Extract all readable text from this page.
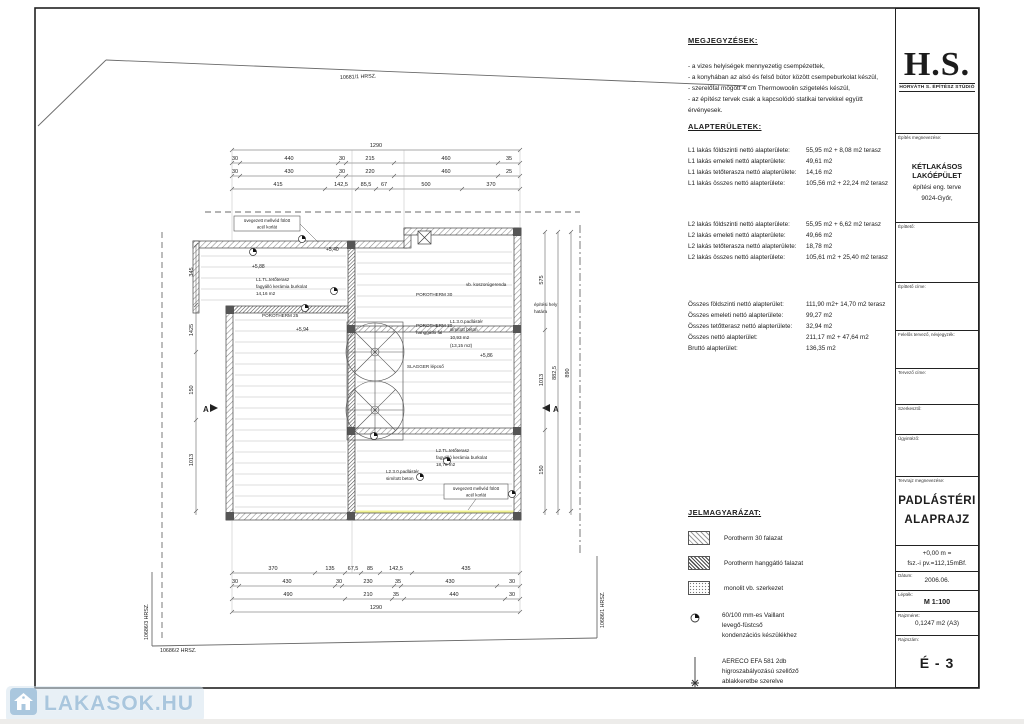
A	A
1290
30	440	30	215	460	35
30	430	30	220	460	25
415	142,5 85,5 67	500	370
370	135 67,5 85	142,5	435
30	430	30	230	35	430	30
490	210	35	440	30
1290
345
1425
150
1013
575
1013
150
882,5 890
üvegezett mellvéd fölött
acél korlát
üvegezett mellvéd fölött
acél korlát
L1.TL.tetőterasz
fagyálló kerámia burkolat
14,16 m2	POROTHERM 30
POROTHERM 30
hanggátló fal
POROTHERM 25
L1.3.0.padlástér
simított beton
10,93 m2
(13,15 m2)
SLAGGER lépcső
vb. koszorúgerenda
építési hely
határa
L2.TL.tetőterasz
fagyálló kerámia burkolat
18,78 m2
L2.3.0.padlástér
simított beton
+5,40
+5,88
+5,94
+5,86
10681/1 HRSZ.
10686/3 HRSZ.
10686/2 HRSZ.
10686/1 HRSZ.
MEGJEGYZÉSEK:
- a vizes helyiségek mennyezetig csempézettek,
- a konyhában az alsó és felső bútor között csempeburkolat készül,
- szerelőfal mögött 4 cm Thermowoolin szigetelés készül,
- az építész tervek csak a kapcsolódó statikai tervekkel együtt érvényesek.
ALAPTERÜLETEK:
L1 lakás földszinti nettó alapterülete:	55,95 m2 + 8,08 m2 terasz
L1 lakás emeleti nettó alapterülete:	49,61 m2
L1 lakás tetőterasza nettó alapterülete:	14,16 m2
L1 lakás összes nettó alapterülete:	105,56 m2 + 22,24 m2 terasz
L2 lakás földszinti nettó alapterülete:	55,95 m2 + 6,62 m2 terasz
L2 lakás emeleti nettó alapterülete:	49,66 m2
L2 lakás tetőterasza nettó alapterülete:	18,78 m2
L2 lakás összes nettó alapterülete:	105,61 m2 + 25,40 m2 terasz
Összes földszinti nettó alapterület:	111,90 m2+ 14,70 m2 terasz
Összes emeleti nettó alapterülete:	99,27 m2
Összes tetőtterasz nettó alapterülete:	32,94 m2
Összes nettó alapterület:	211,17 m2 + 47,64 m2
Bruttó alapterület:	136,35 m2
JELMAGYARÁZAT:
Porotherm 30 falazat
Porotherm hanggátló falazat
monolit vb. szerkezet
60/100 mm-es Vaillant
levegő-füstcső
kondenzációs készülékhez
AERECO EFA 581 2db
higroszabályozású szellőző
ablakkeretbe szerelve
H.S.
HORVÁTH S. ÉPÍTÉSZ STÚDIÓ
Építés megnevezése:
KÉTLAKÁSOS LAKÓÉPÜLET
építési eng. terve
9024-Győr,
Építtető:
Építtető címe:
Felelős tervező, névjegyzék:
Tervező címe:
Szerkesztő:
Ügyintéző:
Tervrajz megnevezése:
PADLÁSTÉRI
ALAPRAJZ
+0,00 m =
fsz.-i pv.=112,15mBf.
Dátum:
2006.06.
Lépték:
M 1:100
Rajzméret:
0,1247 m2 (A3)
Rajzszám:
É - 3
LAKASOK.HU
